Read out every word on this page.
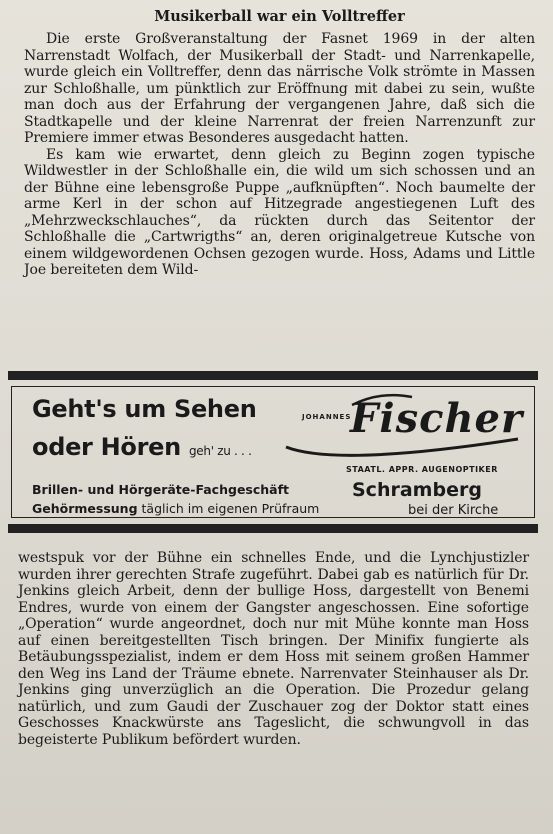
Musikerball war ein Volltreffer

Die erste Großveranstaltung der Fasnet 1969 in der alten Narrenstadt Wolfach, der Musikerball der Stadt- und Narrenkapelle, wurde gleich ein Volltreffer, denn das närrische Volk strömte in Massen zur Schloßhalle, um pünktlich zur Eröffnung mit dabei zu sein, wußte man doch aus der Erfahrung der vergangenen Jahre, daß sich die Stadtkapelle und der kleine Narrenrat der freien Narrenzunft zur Premiere immer etwas Besonderes ausgedacht hatten.

Es kam wie erwartet, denn gleich zu Beginn zogen typische Wildwestler in der Schloßhalle ein, die wild um sich schossen und an der Bühne eine lebensgroße Puppe „aufknüpften“. Noch baumelte der arme Kerl in der schon auf Hitzegrade angestiegenen Luft des „Mehrzweckschlauches“, da rückten durch das Seitentor der Schloßhalle die „Cartwrigths“ an, deren originalgetreue Kutsche von einem wildgewordenen Ochsen gezogen wurde. Hoss, Adams und Little Joe bereiteten dem Wild-

Geht's um Sehen
oder Hören geh' zu . . .
JOHANNES
Fischer
STAATL. APPR. AUGENOPTIKER
Brillen- und Hörgeräte-Fachgeschäft
Gehörmessung täglich im eigenen Prüfraum
Schramberg
bei der Kirche

westspuk vor der Bühne ein schnelles Ende, und die Lynchjustizler wurden ihrer gerechten Strafe zugeführt. Dabei gab es natürlich für Dr. Jenkins gleich Arbeit, denn der bullige Hoss, dargestellt von Benemi Endres, wurde von einem der Gangster angeschossen. Eine sofortige „Operation“ wurde angeordnet, doch nur mit Mühe konnte man Hoss auf einen bereitgestellten Tisch bringen. Der Minifix fungierte als Betäubungsspezialist, indem er dem Hoss mit seinem großen Hammer den Weg ins Land der Träume ebnete. Narrenvater Steinhauser als Dr. Jenkins ging unverzüglich an die Operation. Die Prozedur gelang natürlich, und zum Gaudi der Zuschauer zog der Doktor statt eines Geschosses Knackwürste ans Tageslicht, die schwungvoll in das begeisterte Publikum befördert wurden.
